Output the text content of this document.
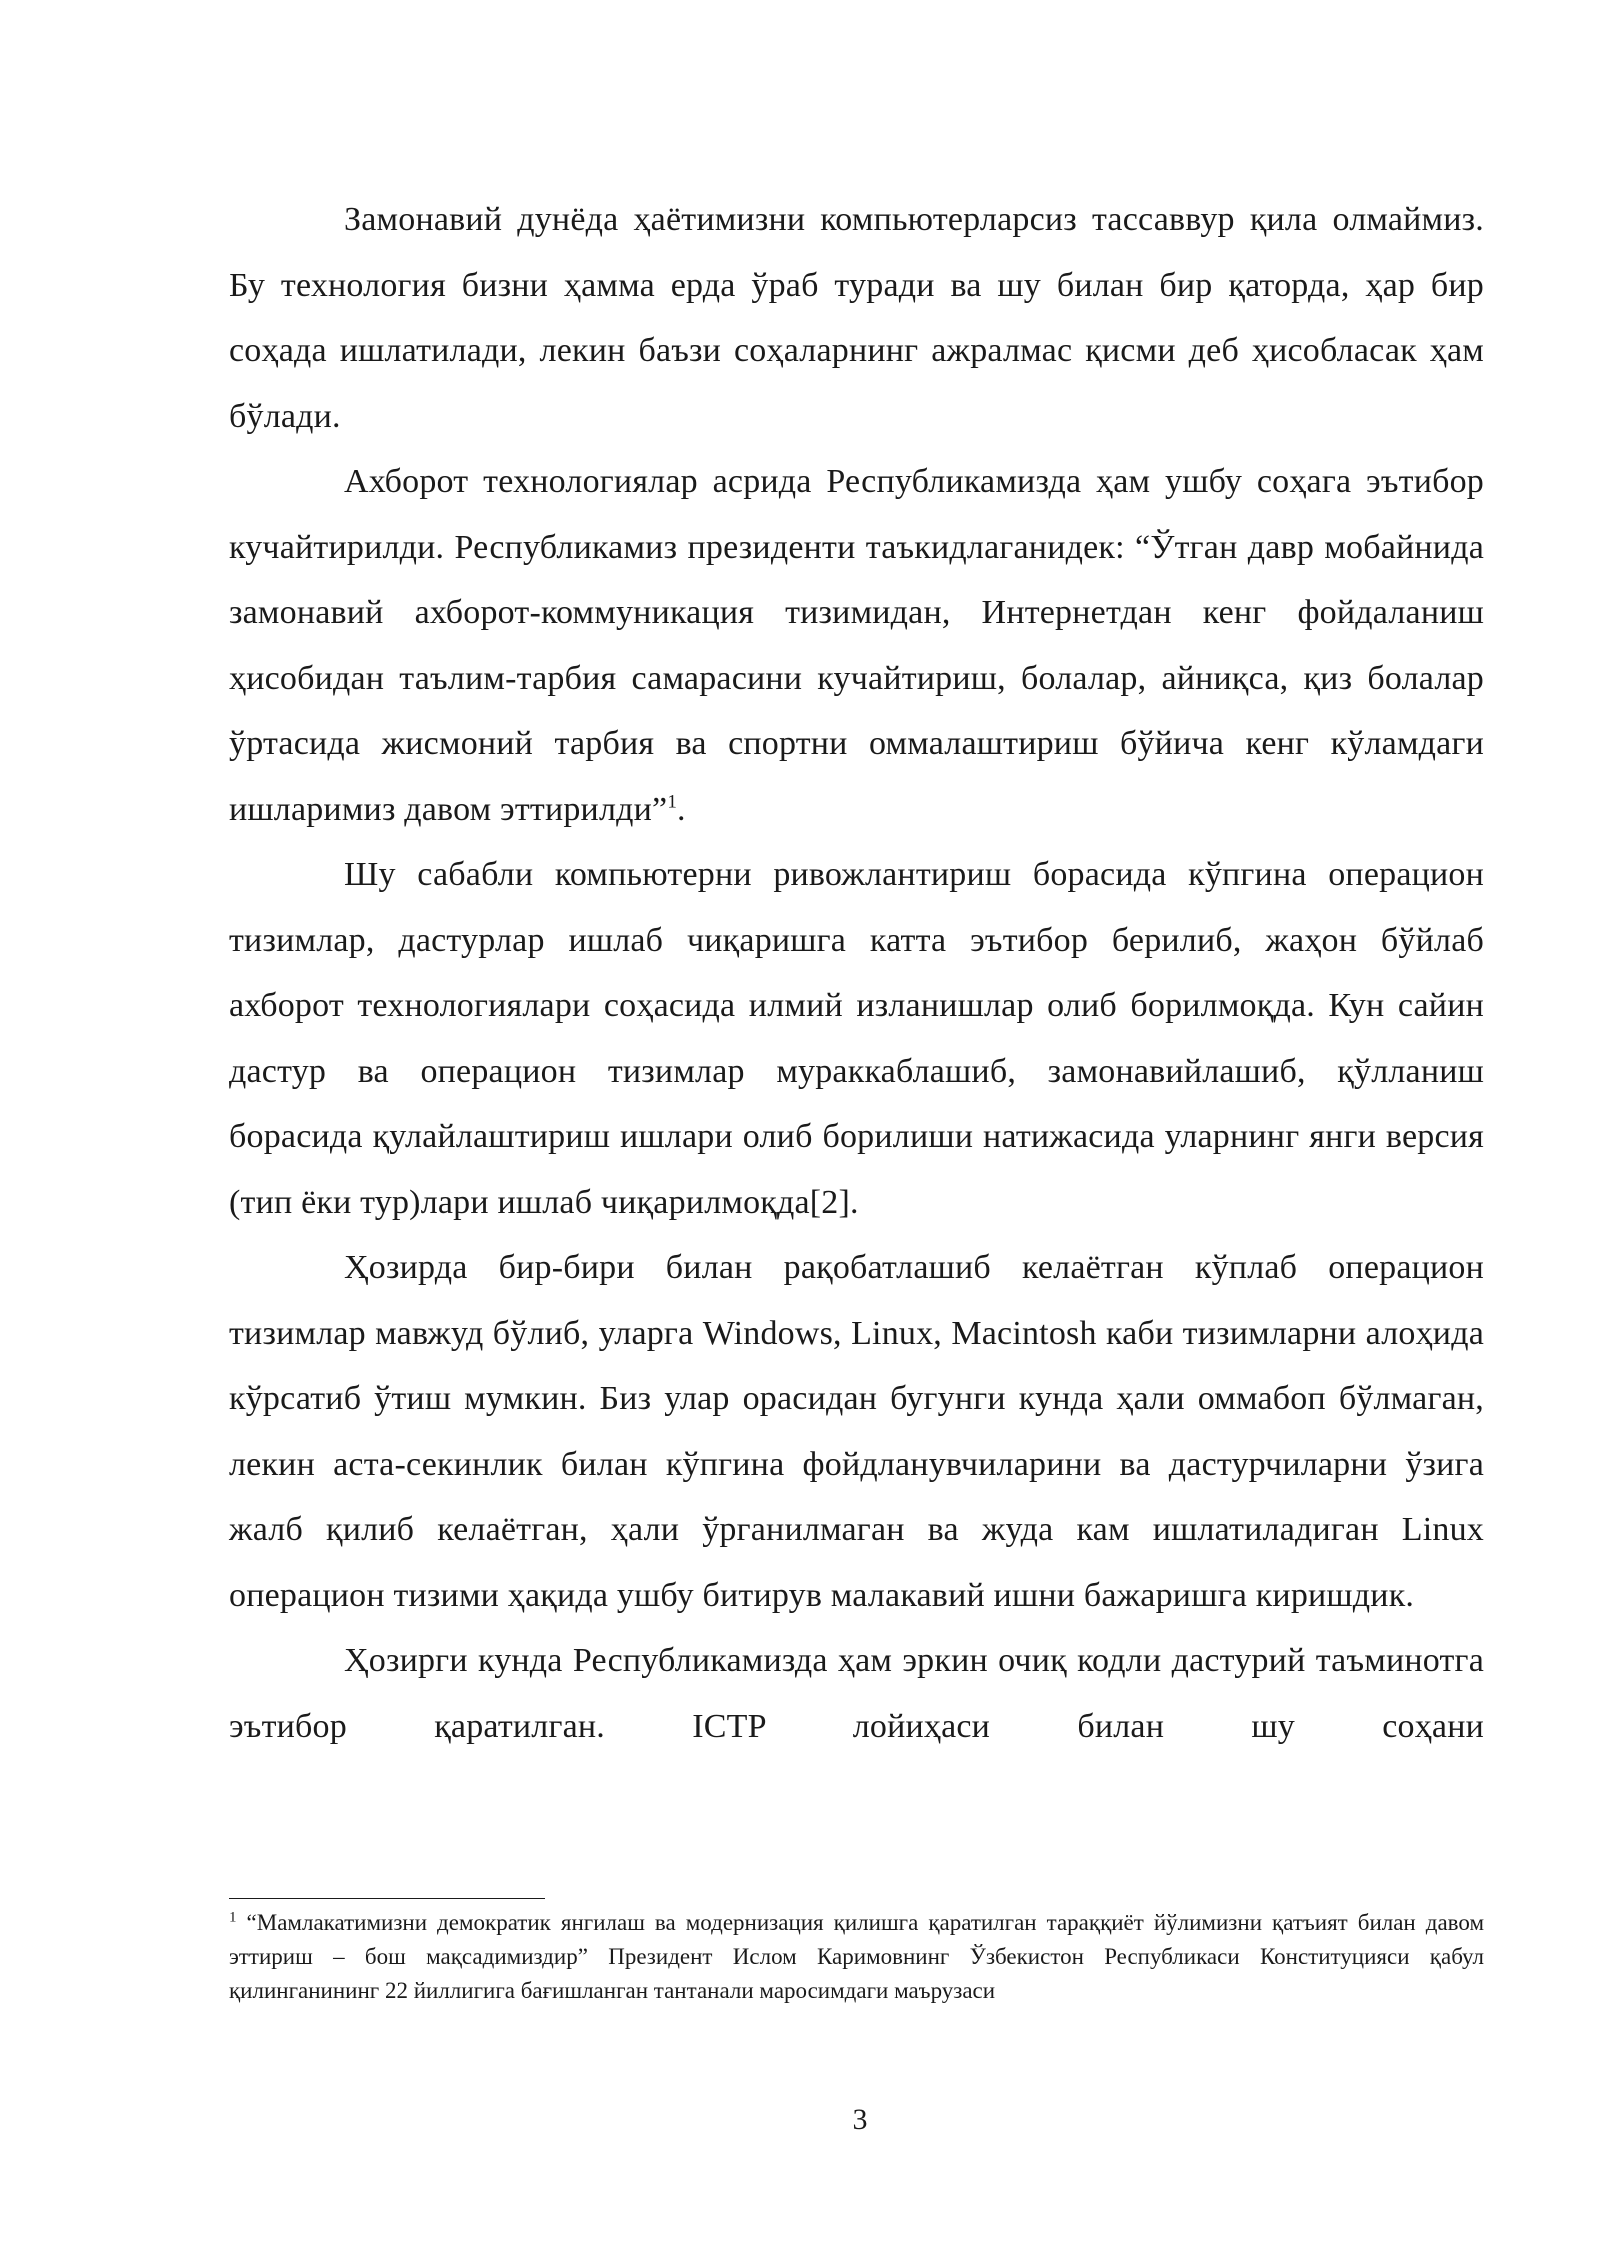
Замонавий дунёда ҳаётимизни компьютерларсиз тассаввур қила олмаймиз. Бу технология бизни ҳамма ерда ўраб туради ва шу билан бир қаторда, ҳар бир соҳада ишлатилади, лекин баъзи соҳаларнинг ажралмас қисми деб ҳисобласак ҳам бўлади.

Ахборот технологиялар асрида Республикамизда ҳам ушбу соҳага эътибор кучайтирилди. Республикамиз президенти таъкидлаганидек: “Ўтган давр мобайнида замонавий ахборот-коммуникация тизимидан, Интернетдан кенг фойдаланиш ҳисобидан таълим-тарбия самарасини кучайтириш, болалар, айниқса, қиз болалар ўртасида жисмоний тарбия ва спортни оммалаштириш бўйича кенг кўламдаги ишларимиз давом эттирилди”$^1$.

Шу сабабли компьютерни ривожлантириш борасида кўпгина операцион тизимлар, дастурлар ишлаб чиқаришга катта эътибор берилиб, жаҳон бўйлаб ахборот технологиялари соҳасида илмий изланишлар олиб борилмоқда. Кун сайин дастур ва операцион тизимлар мураккаблашиб, замонавийлашиб, қўлланиш борасида қулайлаштириш ишлари олиб борилиши натижасида уларнинг янги версия (тип ёки тур)лари ишлаб чиқарилмоқда[2].

Ҳозирда бир-бири билан рақобатлашиб келаётган кўплаб операцион тизимлар мавжуд бўлиб, уларга Windows, Linux, Macintosh каби тизимларни алоҳида кўрсатиб ўтиш мумкин. Биз улар орасидан бугунги кунда ҳали оммабоп бўлмаган, лекин аста-секинлик билан кўпгина фойдланувчиларини ва дастурчиларни ўзига жалб қилиб келаётган, ҳали ўрганилмаган ва жуда кам ишлатиладиган Linux операцион тизими ҳақида ушбу битирув малакавий ишни бажаришга киришдик.

Ҳозирги кунда Республикамизда ҳам эркин очиқ кодли дастурий таъминотга эътибор қаратилган. ICTP лойиҳаси билан шу соҳани

$^1$ “Мамлакатимизни демократик янгилаш ва модернизация қилишга қаратилган тараққиёт йўлимизни қатъият билан давом эттириш – бош мақсадимиздир” Президент Ислом Каримовнинг Ўзбекистон Республикаси Конституцияси қабул қилинганининг 22 йиллигига бағишланган тантанали маросимдаги маърузаси

3
